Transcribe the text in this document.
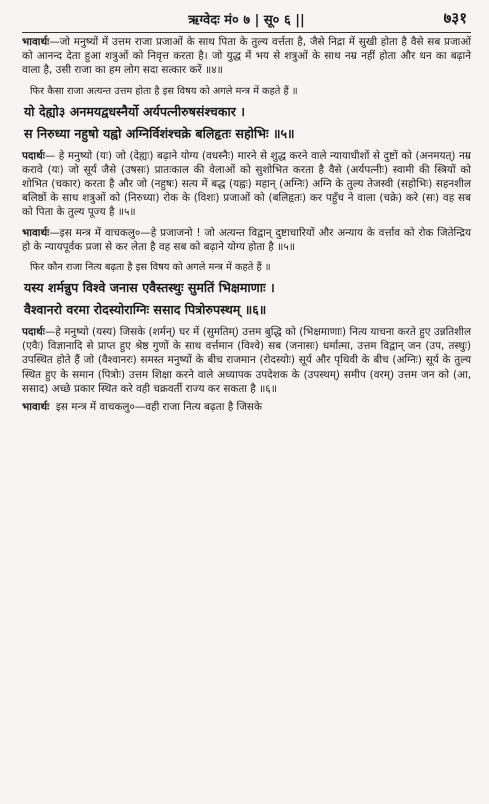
ऋग्वेदः मं० ७ | सू० ६ ||	७३१

भावार्थः—जो मनुष्यों में उत्तम राजा प्रजाओं के साथ पिता के तुल्य वर्त्तता है, जैसे निद्रा में सुखी होता है वैसे सब प्रजाओं को आनन्द देता हुआ शत्रुओं को निवृत्त करता है। जो युद्ध में भय से शत्रुओं के साथ नम्र नहीं होता और धन का बढ़ाने वाला है, उसी राजा का हम लोग सदा सत्कार करें ॥४॥

फिर कैसा राजा अत्यन्त उत्तम होता है इस विषय को अगले मन्त्र में कहते हैं ॥
यो देह्यो३ अनमयद्वधस्नैर्यो अर्यपत्नीरुषसंश्चकार ।
स निरुध्या नहुषो यह्वो अग्निर्विशंश्चक्रे बलिहृतः सहोभिः ॥५॥

पदार्थः— हे मनुष्यो (यः) जो (देह्यः) बढ़ाने योग्य (वधस्नैः) मारने से शुद्ध करने वाले न्यायाधीशों से दुष्टों को (अनमयत्) नम्र करावे (यः) जो सूर्य जैसे (उषसः) प्रातःकाल की वेलाओं को सुशोभित करता है वैसे (अर्यपत्नीः) स्वामी की स्त्रियों को शोभित (चकार) करता है और जो (नहुषः) सत्य में बद्ध (यह्वः) महान् (अग्निः) अग्नि के तुल्य तेजस्वी (सहोभिः) सहनशील बलिष्ठों के साथ शत्रुओं को (निरुध्या) रोक के (विशः) प्रजाओं को (बलिहृतः) कर पहुँच ने वाला (चक्रे) करे (सः) वह सब को पिता के तुल्य पूज्य है ॥५॥

भावार्थः—इस मन्त्र में वाचकलु०—हे प्रजाजनो ! जो अत्यन्त विद्वान् दुष्टाचारियों और अन्याय के वर्त्ताव को रोक जितेन्द्रिय हो के न्यायपूर्वक प्रजा से कर लेता है वह सब को बढ़ाने योग्य होता है ॥५॥

फिर कौन राजा नित्य बढ़ता है इस विषय को अगले मन्त्र में कहते हैं ॥
यस्य शर्मन्नुप विश्वे जनास एवैस्तस्थुः सुमतिं भिक्षमाणाः ।
वैश्वानरो वरमा रोदस्योराग्निः ससाद पित्रोरुपस्थम् ॥६॥

पदार्थः—हे मनुष्यो (यस्य) जिसके (शर्मन्) घर में (सुमतिम्) उत्तम बुद्धि को (भिक्षमाणाः) नित्य याचना करते हुए उन्नतिशील (एवैः) विज्ञानादि से प्राप्त हुए श्रेष्ठ गुणों के साथ वर्त्तमान (विश्वे) सब (जनासः) धर्मात्मा, उत्तम विद्वान् जन (उप, तस्थुः) उपस्थित होते हैं जो (वैश्वानरः) समस्त मनुष्यों के बीच राजमान (रोदस्योः) सूर्य और पृथिवी के बीच (अग्निः) सूर्य के तुल्य स्थित हुए के समान (पित्रोः) उत्तम शिक्षा करने वाले अध्यापक उपदेशक के (उपस्थम्) समीप (वरम्) उत्तम जन को (आ, ससाद) अच्छे प्रकार स्थित करे वही चक्रवर्ती राज्य कर सकता है ॥६॥

भावार्थः इस मन्त्र में वाचकलु०—वही राजा नित्य बढ़ता है जिसके
